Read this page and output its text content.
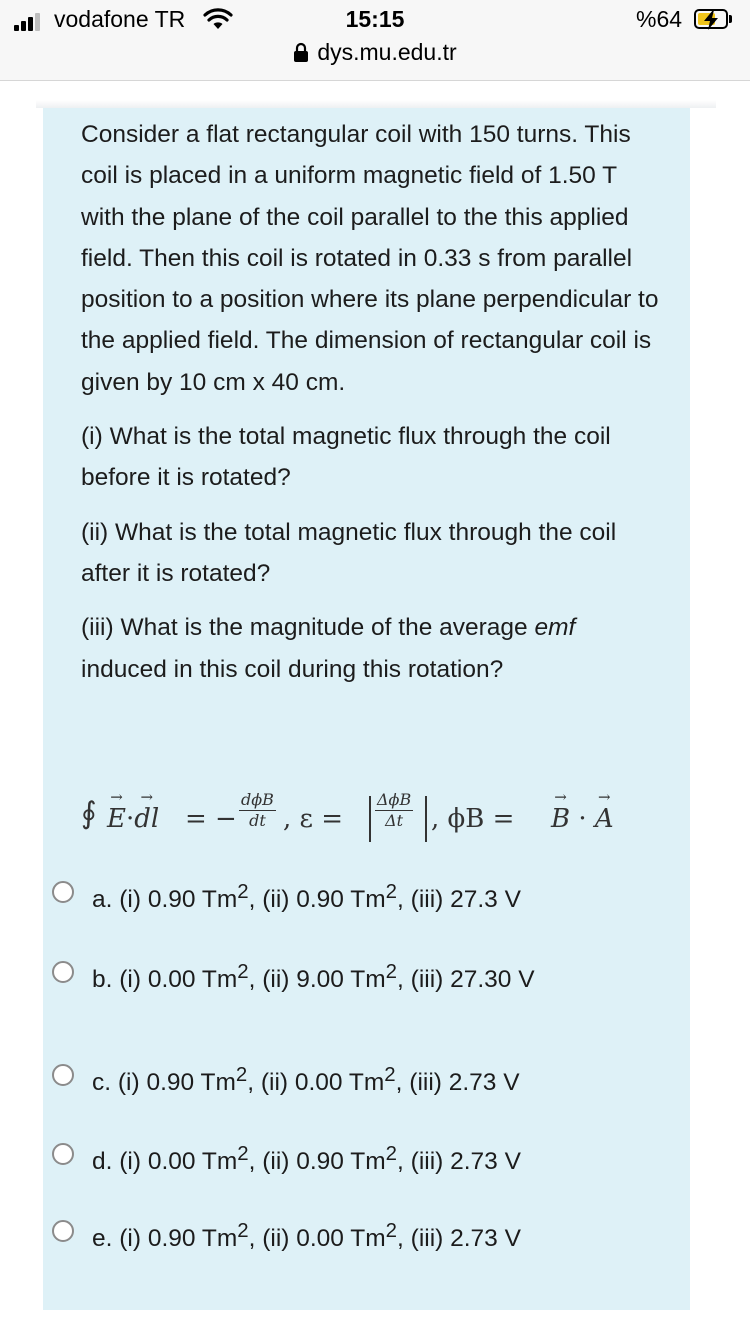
vodafone TR	15:15	%64
dys.mu.edu.tr

Consider a flat rectangular coil with 150 turns. This coil is placed in a uniform magnetic field of 1.50 T with the plane of the coil parallel to the this applied field. Then this coil is rotated in 0.33 s from parallel position to a position where its plane perpendicular to the applied field. The dimension of rectangular coil is given by 10 cm x 40 cm.

(i) What is the total magnetic flux through the coil before it is rotated?

(ii) What is the total magnetic flux through the coil after it is rotated?

(iii) What is the magnitude of the average emf induced in this coil during this rotation?

∮ → E·→ dl = −
dϕB
dt , ε =
ΔϕB
Δt	, ϕB = → B · → A
a. (i) 0.90 Tm$^2$, (ii) 0.90 Tm$^2$, (iii) 27.3 V
b. (i) 0.00 Tm$^2$, (ii) 9.00 Tm$^2$, (iii) 27.30 V
c. (i) 0.90 Tm$^2$, (ii) 0.00 Tm$^2$, (iii) 2.73 V
d. (i) 0.00 Tm$^2$, (ii) 0.90 Tm$^2$, (iii) 2.73 V
e. (i) 0.90 Tm$^2$, (ii) 0.00 Tm$^2$, (iii) 2.73 V
